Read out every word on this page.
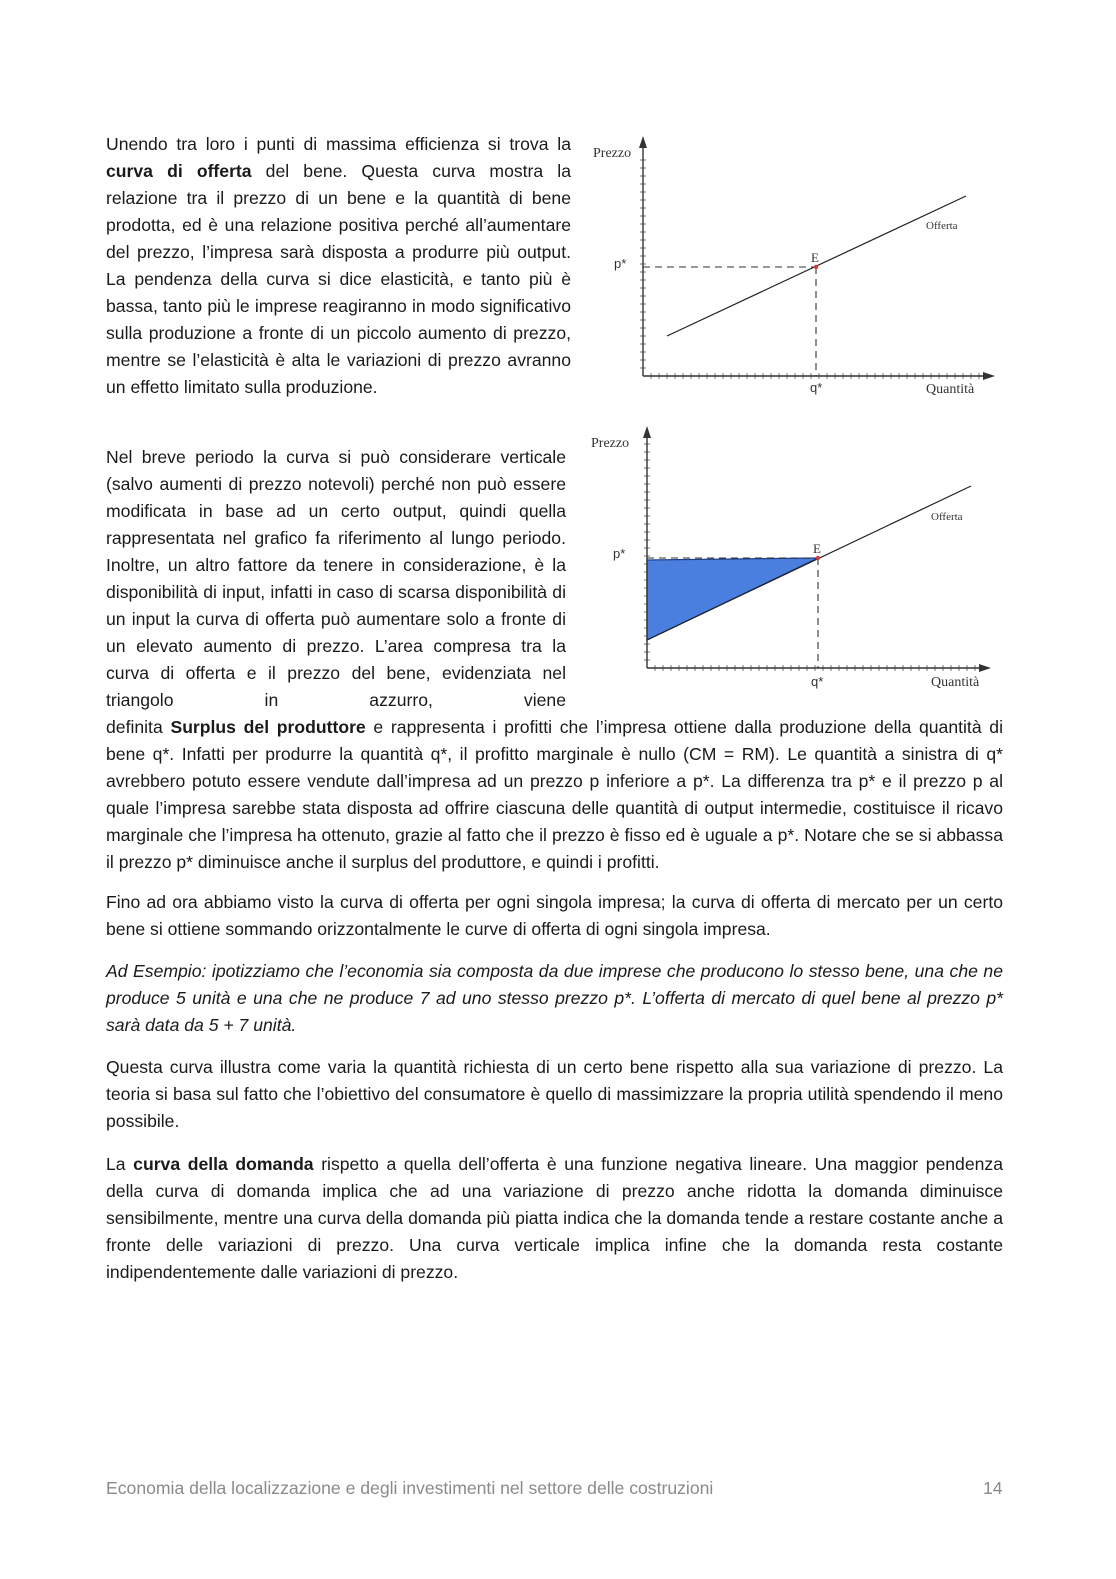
Unendo tra loro i punti di massima efficienza si trova la curva di offerta del bene. Questa curva mostra la relazione tra il prezzo di un bene e la quantità di bene prodotta, ed è una relazione positiva perché all’aumentare del prezzo, l’impresa sarà disposta a produrre più output. La pendenza della curva si dice elasticità, e tanto più è bassa, tanto più le imprese reagiranno in modo significativo sulla produzione a fronte di un piccolo aumento di prezzo, mentre se l’elasticità è alta le variazioni di prezzo avranno un effetto limitato sulla produzione.

Nel breve periodo la curva si può considerare verticale (salvo aumenti di prezzo notevoli) perché non può essere modificata in base ad un certo output, quindi quella rappresentata nel grafico fa riferimento al lungo periodo. Inoltre, un altro fattore da tenere in considerazione, è la disponibilità di input, infatti in caso di scarsa disponibilità di un input la curva di offerta può aumentare solo a fronte di un elevato aumento di prezzo. L’area compresa tra la curva di offerta e il prezzo del bene, evidenziata nel triangolo in azzurro, viene

definita Surplus del produttore e rappresenta i profitti che l’impresa ottiene dalla produzione della quantità di bene q*. Infatti per produrre la quantità q*, il profitto marginale è nullo (CM = RM). Le quantità a sinistra di q* avrebbero potuto essere vendute dall’impresa ad un prezzo p inferiore a p*. La differenza tra p* e il prezzo p al quale l’impresa sarebbe stata disposta ad offrire ciascuna delle quantità di output intermedie, costituisce il ricavo marginale che l’impresa ha ottenuto, grazie al fatto che il prezzo è fisso ed è uguale a p*. Notare che se si abbassa il prezzo p* diminuisce anche il surplus del produttore, e quindi i profitti.

Fino ad ora abbiamo visto la curva di offerta per ogni singola impresa; la curva di offerta di mercato per un certo bene si ottiene sommando orizzontalmente le curve di offerta di ogni singola impresa.

Ad Esempio: ipotizziamo che l’economia sia composta da due imprese che producono lo stesso bene, una che ne produce 5 unità e una che ne produce 7 ad uno stesso prezzo p*. L’offerta di mercato di quel bene al prezzo p* sarà data da 5 + 7 unità.

Questa curva illustra come varia la quantità richiesta di un certo bene rispetto alla sua variazione di prezzo. La teoria si basa sul fatto che l’obiettivo del consumatore è quello di massimizzare la propria utilità spendendo il meno possibile.

La curva della domanda rispetto a quella dell’offerta è una funzione negativa lineare. Una maggior pendenza della curva di domanda implica che ad una variazione di prezzo anche ridotta la domanda diminuisce sensibilmente, mentre una curva della domanda più piatta indica che la domanda tende a restare costante anche a fronte delle variazioni di prezzo. Una curva verticale implica infine che la domanda resta costante indipendentemente dalle variazioni di prezzo.

Prezzo
Quantità
Offerta
E
p*
q*
Prezzo
Quantità
Offerta
E
p*
q*
Economia della localizzazione e degli investimenti nel settore delle costruzioni	14
